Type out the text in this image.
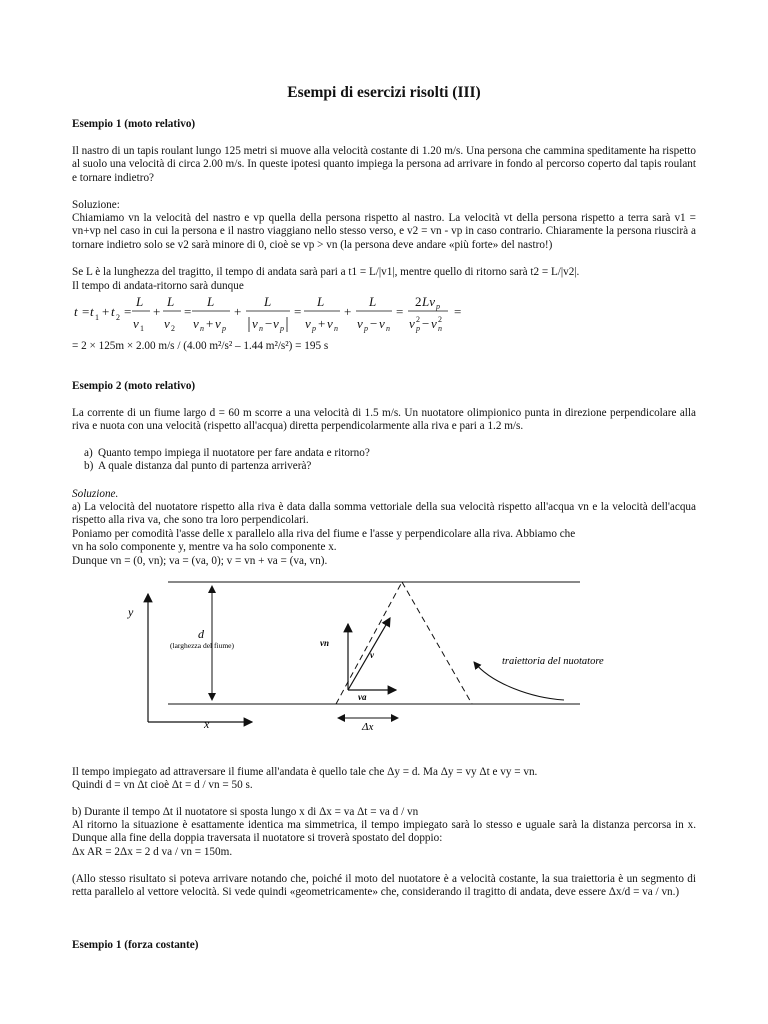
Esempi di esercizi risolti (III)
Esempio 1 (moto relativo)
Il nastro di un tapis roulant lungo 125 metri si muove alla velocità costante di 1.20 m/s. Una persona che cammina speditamente ha rispetto al suolo una velocità di circa 2.00 m/s. In queste ipotesi quanto impiega la persona ad arrivare in fondo al percorso coperto dal tapis roulant e tornare indietro?
Soluzione:
Chiamiamo vn la velocità del nastro e vp quella della persona rispetto al nastro. La velocità vt della persona rispetto a terra sarà v1 = vn+vp nel caso in cui la persona e il nastro viaggiano nello stesso verso, e v2 = vn - vp in caso contrario. Chiaramente la persona riuscirà a tornare indietro solo se v2 sarà minore di 0, cioè se vp > vn (la persona deve andare «più forte» del nastro!)
Se L è la lunghezza del tragitto, il tempo di andata sarà pari a t1 = L/|v1|, mentre quello di ritorno sarà t2 = L/|v2|.
Il tempo di andata-ritorno sarà dunque
t = t 1 + t 2 =
L
v 1
+
L
v 2
=
L
v n + v p
+
L
v n − v p
=
L
v p + v n
+
L
v p − v n
=
2 Lv p
v p
2 − v n
2
=
= 2 × 125m × 2.00 m/s / (4.00 m²/s² – 1.44 m²/s²) = 195 s
Esempio 2 (moto relativo)
La corrente di un fiume largo d = 60 m scorre a una velocità di 1.5 m/s. Un nuotatore olimpionico punta in direzione perpendicolare alla riva e nuota con una velocità (rispetto all'acqua) diretta perpendicolarmente alla riva e pari a 1.2 m/s.
a) Quanto tempo impiega il nuotatore per fare andata e ritorno?
b) A quale distanza dal punto di partenza arriverà?
Soluzione.
a) La velocità del nuotatore rispetto alla riva è data dalla somma vettoriale della sua velocità rispetto all'acqua vn e la velocità dell'acqua rispetto alla riva va, che sono tra loro perpendicolari.
Poniamo per comodità l'asse delle x parallelo alla riva del fiume e l'asse y perpendicolare alla riva. Abbiamo che
vn ha solo componente y, mentre va ha solo componente x.
Dunque vn = (0, vn); va = (va, 0); v = vn + va = (va, vn).
y
x
d
(larghezza del fiume)	vn
v
va
Δx
traiettoria del nuotatore
Il tempo impiegato ad attraversare il fiume all'andata è quello tale che Δy = d. Ma Δy = vy Δt e vy = vn.
Quindi d = vn Δt cioè Δt = d / vn = 50 s.
b) Durante il tempo Δt il nuotatore si sposta lungo x di Δx = va Δt = va d / vn
Al ritorno la situazione è esattamente identica ma simmetrica, il tempo impiegato sarà lo stesso e uguale sarà la distanza percorsa in x. Dunque alla fine della doppia traversata il nuotatore si troverà spostato del doppio:
Δx AR = 2Δx = 2 d va / vn = 150m.
(Allo stesso risultato si poteva arrivare notando che, poiché il moto del nuotatore è a velocità costante, la sua traiettoria è un segmento di retta parallelo al vettore velocità. Si vede quindi «geometricamente» che, considerando il tragitto di andata, deve essere Δx/d = va / vn.)
Esempio 1 (forza costante)
